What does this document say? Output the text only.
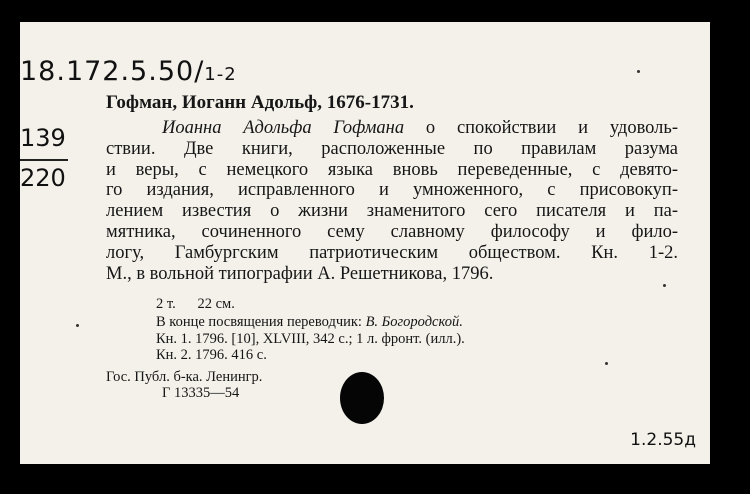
18.172.5.50/1-2
139
220
Гофман, Иоганн Адольф, 1676-1731.
Иоанна Адольфа Гофмана о спокойствии и удоволь-
ствии. Две книги, расположенные по правилам разума
и веры, с немецкого языка вновь переведенные, с девято-
го издания, исправленного и умноженного, с присовокуп-
лением известия о жизни знаменитого сего писателя и па-
мятника, сочиненного сему славному философу и фило-
логу, Гамбургским патриотическим обществом. Кн. 1-2.
М., в вольной типографии А. Решетникова, 1796.
2 т.      22 см.
В конце посвящения переводчик: В. Богородской.
Кн. 1. 1796. [10], XLVIII, 342 с.; 1 л. фронт. (илл.).
Кн. 2. 1796. 416 с.
Гос. Публ. б-ка. Ленингр.
Г 13335—54
1.2.55д
